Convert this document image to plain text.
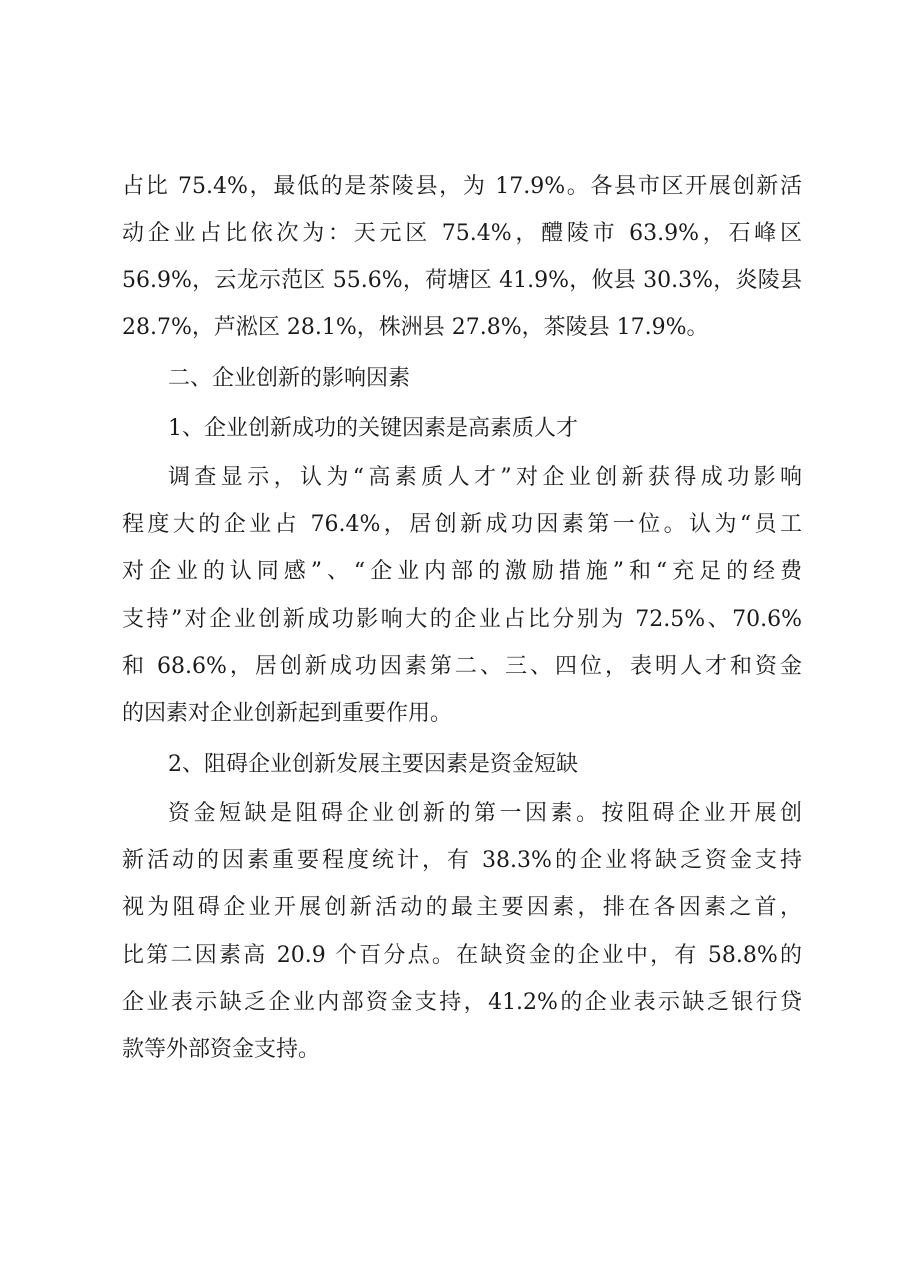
占比 75.4%，最低的是茶陵县，为 17.9%。各县市区开展创新活
动企业占比依次为：天元区 75.4%，醴陵市 63.9%，石峰区
56.9%，云龙示范区 55.6%，荷塘区 41.9%，攸县 30.3%，炎陵县
28.7%，芦淞区 28.1%，株洲县 27.8%，茶陵县 17.9%。
二、企业创新的影响因素
1、企业创新成功的关键因素是高素质人才
调查显示，认为“高素质人才”对企业创新获得成功影响
程度大的企业占 76.4%，居创新成功因素第一位。认为“员工
对企业的认同感”、“企业内部的激励措施”和“充足的经费
支持”对企业创新成功影响大的企业占比分别为 72.5%、70.6%
和 68.6%，居创新成功因素第二、三、四位，表明人才和资金
的因素对企业创新起到重要作用。
2、阻碍企业创新发展主要因素是资金短缺
资金短缺是阻碍企业创新的第一因素。按阻碍企业开展创
新活动的因素重要程度统计，有 38.3%的企业将缺乏资金支持
视为阻碍企业开展创新活动的最主要因素，排在各因素之首，
比第二因素高 20.9 个百分点。在缺资金的企业中，有 58.8%的
企业表示缺乏企业内部资金支持，41.2%的企业表示缺乏银行贷
款等外部资金支持。
